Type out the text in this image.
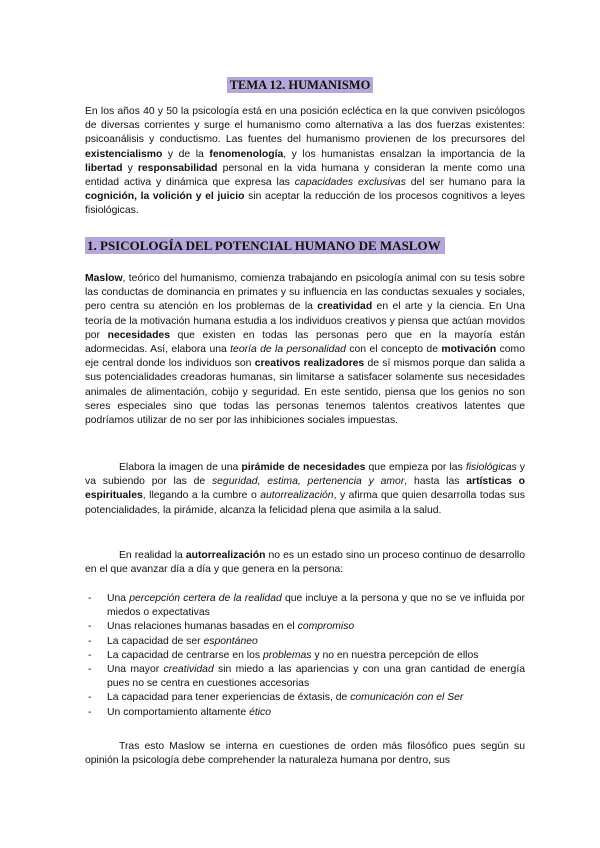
TEMA 12. HUMANISMO

En los años 40 y 50 la psicología está en una posición ecléctica en la que conviven psicólogos de diversas corrientes y surge el humanismo como alternativa a las dos fuerzas existentes: psicoanálisis y conductismo. Las fuentes del humanismo provienen de los precursores del existencialismo y de la fenomenología, y los humanistas ensalzan la importancia de la libertad y responsabilidad personal en la vida humana y consideran la mente como una entidad activa y dinámica que expresa las capacidades exclusivas del ser humano para la cognición, la volición y el juicio sin aceptar la reducción de los procesos cognitivos a leyes fisiológicas.

1. PSICOLOGÍA DEL POTENCIAL HUMANO DE MASLOW

Maslow, teórico del humanismo, comienza trabajando en psicología animal con su tesis sobre las conductas de dominancia en primates y su influencia en las conductas sexuales y sociales, pero centra su atención en los problemas de la creatividad en el arte y la ciencia. En Una teoría de la motivación humana estudia a los individuos creativos y piensa que actúan movidos por necesidades que existen en todas las personas pero que en la mayoría están adormecidas. Así, elabora una teoría de la personalidad con el concepto de motivación como eje central donde los individuos son creativos realizadores de sí mismos porque dan salida a sus potencialidades creadoras humanas, sin limitarse a satisfacer solamente sus necesidades animales de alimentación, cobijo y seguridad. En este sentido, piensa que los genios no son seres especiales sino que todas las personas tenemos talentos creativos latentes que podríamos utilizar de no ser por las inhibiciones sociales impuestas.

Elabora la imagen de una pirámide de necesidades que empieza por las fisiológicas y va subiendo por las de seguridad, estima, pertenencia y amor, hasta las artísticas o espirituales, llegando a la cumbre o autorrealización, y afirma que quien desarrolla todas sus potencialidades, la pirámide, alcanza la felicidad plena que asimila a la salud.

En realidad la autorrealización no es un estado sino un proceso continuo de desarrollo en el que avanzar día a día y que genera en la persona:

- Una percepción certera de la realidad que incluye a la persona y que no se ve influida por miedos o expectativas
- Unas relaciones humanas basadas en el compromiso
- La capacidad de ser espontáneo
- La capacidad de centrarse en los problemas y no en nuestra percepción de ellos
- Una mayor creatividad sin miedo a las apariencias y con una gran cantidad de energía pues no se centra en cuestiones accesorias
- La capacidad para tener experiencias de éxtasis, de comunicación con el Ser
- Un comportamiento altamente ético

Tras esto Maslow se interna en cuestiones de orden más filosófico pues según su opinión la psicología debe comprehender la naturaleza humana por dentro, sus
